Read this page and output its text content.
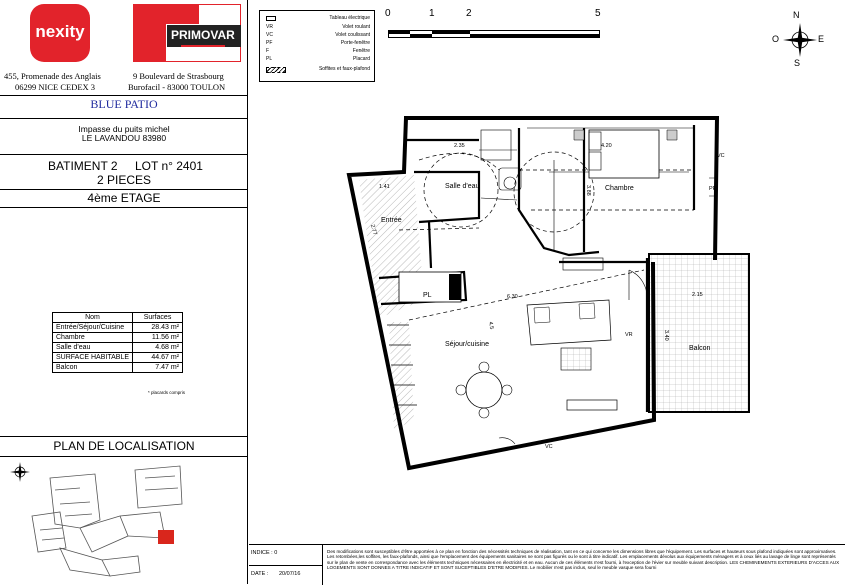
nexity	PRIMOVAR
455, Promenade des Anglais
06299 NICE CEDEX 3
9 Boulevard de Strasbourg
Burofacil - 83000 TOULON
BLUE PATIO
Impasse du puits michel
LE LAVANDOU 83980
BATIMENT 2 LOT n° 2401
2 PIECES
4ème ETAGE
Nom	Surfaces
Entrée/Séjour/Cuisine	28.43 m²
Chambre	11.56 m²
Salle d'eau	4.68 m²
SURFACE HABITABLE	44.67 m²
Balcon	7.47 m²
* placards compris
PLAN DE LOCALISATION
Tableau électrique
VR	Volet roulant
VC	Volet coulissant
PF	Porte-fenêtre
F	Fenêtre
PL	Placard
Soffites et faux-plafond
0	1	2	5	N
S
O	E
2.35	4.20
6.30	2.15
3.40
1.41	3.88
2.77
4.5
VC
VC
VR
PF
Salle d'eau	Chambre
Entrée
Séjour/cuisine
Balcon
PL
INDICE : 0
DATE : 20/07/16
Des modifications sont susceptibles d'être apportées à ce plan en fonction des nécessités techniques de réalisation, tant en ce qui concerne les dimensions libres que l'équipement. Les surfaces et hauteurs sous plafond indiquées sont approximatives. Les retombées,les soffites, les faux-plafonds, ainsi que l'emplacement des équipements sanitaires ne sont pas figurés ou le sont à titre indicatif. Les emplacements dévolus aux équipements ménagers et à ceux liés au lavage de linge sont représentés sur le plan de vente en correspondance avec les éléments techniques nécessaires en électricité et en eau. Aucun de ces éléments n'est fourni, à l'exception de l'évier sur meuble suivant description. LES CHEMINEMENTS EXTERIEURS D'ACCES AUX LOGEMENTS SONT DONNES A TITRE INDICATIF ET SONT SUCEPTIBLES D'ETRE MODIFIES. Le mobilier n'est pas inclus, seul le meuble vasque sera fourni
